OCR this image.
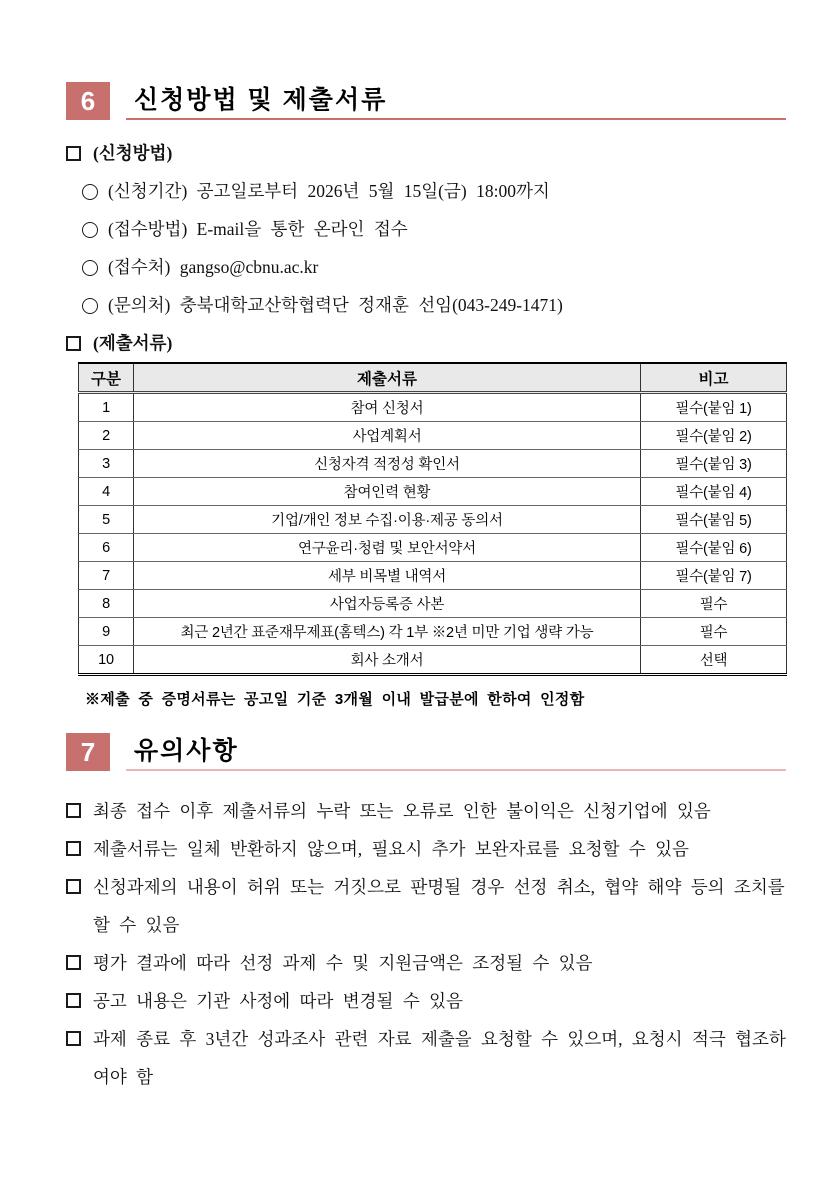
6	신청방법 및 제출서류
(신청방법)
(신청기간) 공고일로부터 2026년 5월 15일(금) 18:00까지
(접수방법) E-mail을 통한 온라인 접수
(접수처) gangso@cbnu.ac.kr
(문의처) 충북대학교산학협력단 정재훈 선임(043-249-1471)
(제출서류)
구분	제출서류	비고
1	참여 신청서	필수(붙임 1)
2	사업계획서	필수(붙임 2)
3	신청자격 적정성 확인서	필수(붙임 3)
4	참여인력 현황	필수(붙임 4)
5	기업/개인 정보 수집·이용·제공 동의서	필수(붙임 5)
6	연구윤리·청렴 및 보안서약서	필수(붙임 6)
7	세부 비목별 내역서	필수(붙임 7)
8	사업자등록증 사본	필수
9	최근 2년간 표준재무제표(홈텍스) 각 1부 ※2년 미만 기업 생략 가능	필수
10	회사 소개서	선택
※제출 중 증명서류는 공고일 기준 3개월 이내 발급분에 한하여 인정함
7	유의사항
최종 접수 이후 제출서류의 누락 또는 오류로 인한 불이익은 신청기업에 있음
제출서류는 일체 반환하지 않으며, 필요시 추가 보완자료를 요청할 수 있음
신청과제의 내용이 허위 또는 거짓으로 판명될 경우 선정 취소, 협약 해약 등의 조치를 할 수 있음
평가 결과에 따라 선정 과제 수 및 지원금액은 조정될 수 있음
공고 내용은 기관 사정에 따라 변경될 수 있음
과제 종료 후 3년간 성과조사 관련 자료 제출을 요청할 수 있으며, 요청시 적극 협조하여야 함
